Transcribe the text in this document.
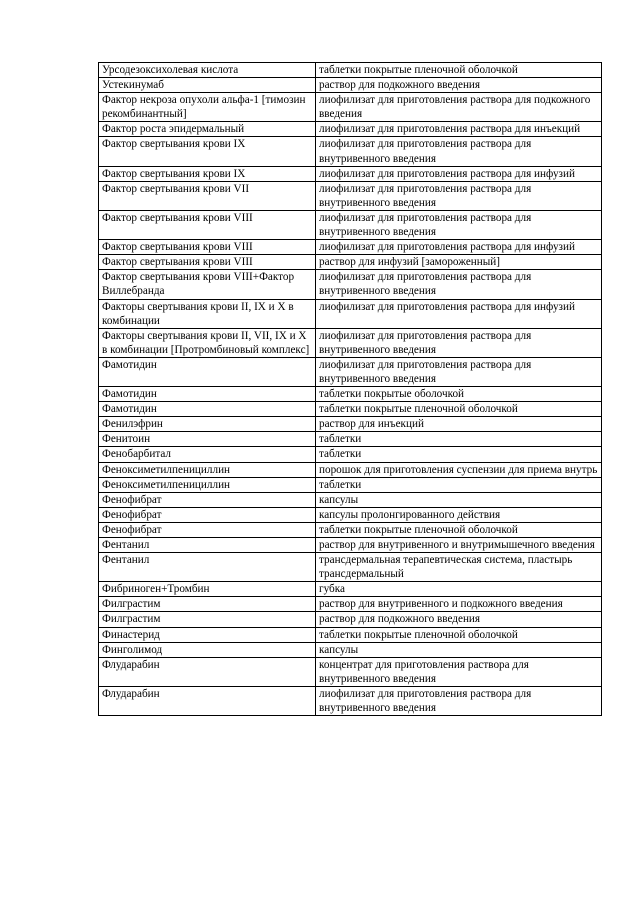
Урсодезоксихолевая кислота	таблетки покрытые пленочной оболочкой
Устекинумаб	раствор для подкожного введения
Фактор некроза опухоли альфа-1 [тимозин рекомбинантный]	лиофилизат для приготовления раствора для подкожного введения
Фактор роста эпидермальный	лиофилизат для приготовления раствора для инъекций
Фактор свертывания крови IX	лиофилизат для приготовления раствора для внутривенного введения
Фактор свертывания крови IX	лиофилизат для приготовления раствора для инфузий
Фактор свертывания крови VII	лиофилизат для приготовления раствора для внутривенного введения
Фактор свертывания крови VIII	лиофилизат для приготовления раствора для внутривенного введения
Фактор свертывания крови VIII	лиофилизат для приготовления раствора для инфузий
Фактор свертывания крови VIII	раствор для инфузий [замороженный]
Фактор свертывания крови VIII+Фактор Виллебранда	лиофилизат для приготовления раствора для внутривенного введения
Факторы свертывания крови II, IX и X в комбинации	лиофилизат для приготовления раствора для инфузий
Факторы свертывания крови II, VII, IX и X в комбинации [Протромбиновый комплекс]	лиофилизат для приготовления раствора для внутривенного введения
Фамотидин	лиофилизат для приготовления раствора для внутривенного введения
Фамотидин	таблетки покрытые оболочкой
Фамотидин	таблетки покрытые пленочной оболочкой
Фенилэфрин	раствор для инъекций
Фенитоин	таблетки
Фенобарбитал	таблетки
Феноксиметилпенициллин	порошок для приготовления суспензии для приема внутрь
Феноксиметилпенициллин	таблетки
Фенофибрат	капсулы
Фенофибрат	капсулы пролонгированного действия
Фенофибрат	таблетки покрытые пленочной оболочкой
Фентанил	раствор для внутривенного и внутримышечного введения
Фентанил	трансдермальная терапевтическая система, пластырь трансдермальный
Фибриноген+Тромбин	губка
Филграстим	раствор для внутривенного и подкожного введения
Филграстим	раствор для подкожного введения
Финастерид	таблетки покрытые пленочной оболочкой
Финголимод	капсулы
Флударабин	концентрат для приготовления раствора для внутривенного введения
Флударабин	лиофилизат для приготовления раствора для внутривенного введения
